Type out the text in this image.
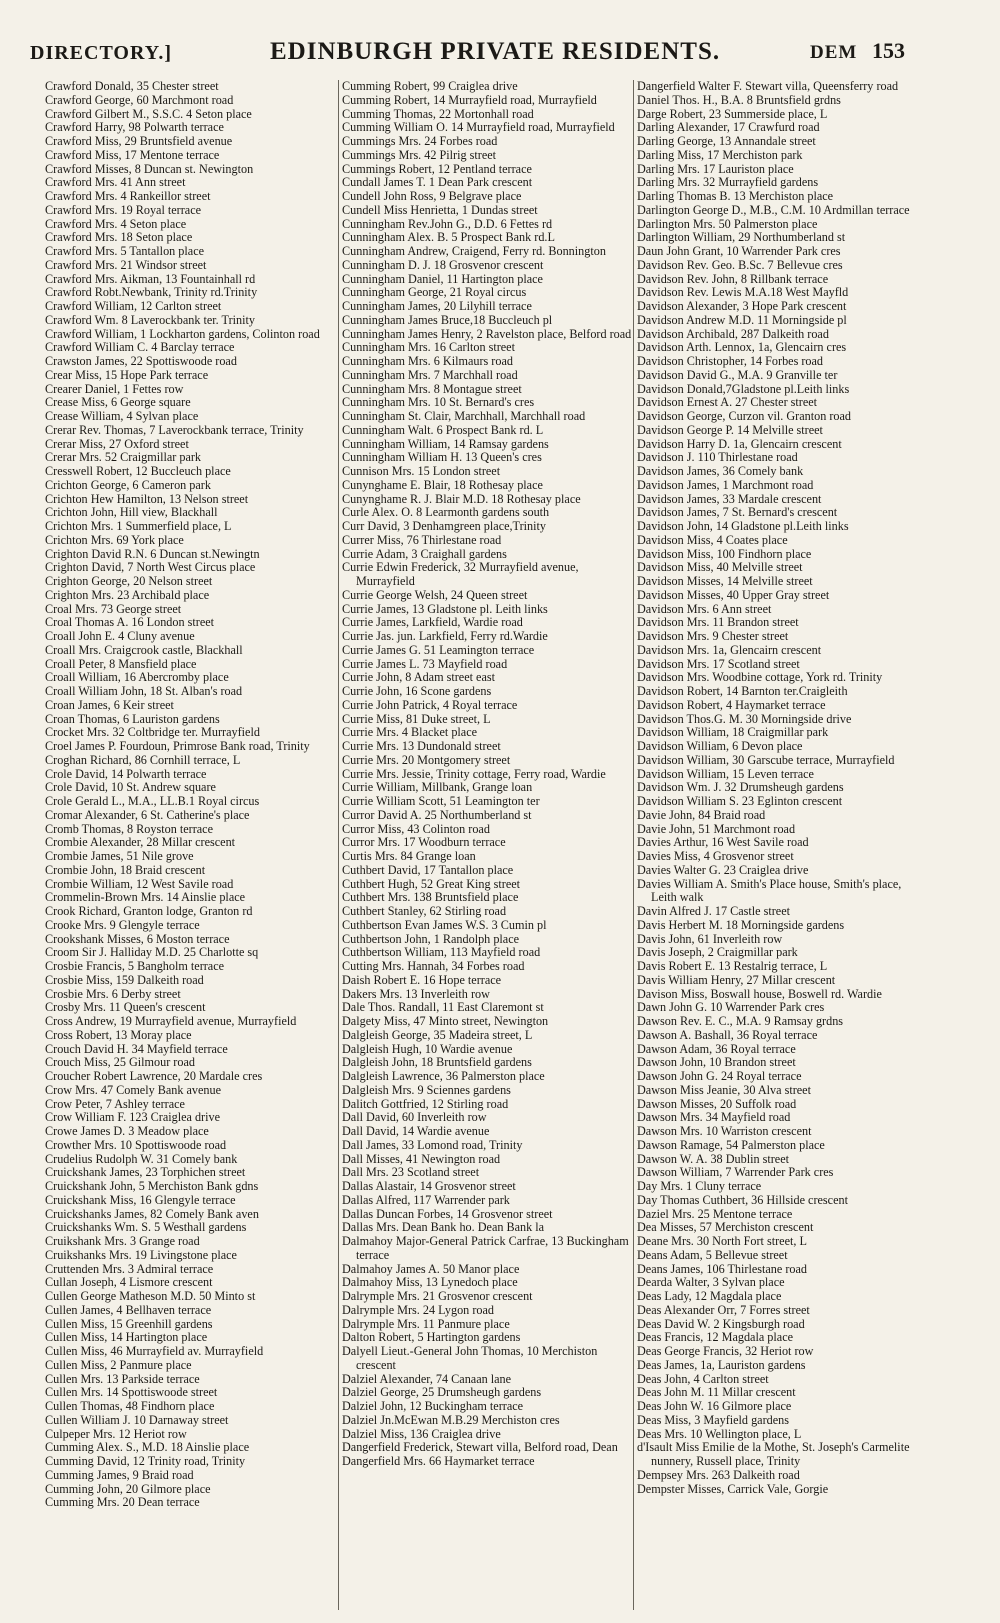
DIRECTORY.]	EDINBURGH PRIVATE RESIDENTS.	DEM 153

Crawford Donald, 35 Chester street

Crawford George, 60 Marchmont road

Crawford Gilbert M., S.S.C. 4 Seton place

Crawford Harry, 98 Polwarth terrace

Crawford Miss, 29 Bruntsfield avenue

Crawford Miss, 17 Mentone terrace

Crawford Misses, 8 Duncan st. Newington

Crawford Mrs. 41 Ann street

Crawford Mrs. 4 Rankeillor street

Crawford Mrs. 19 Royal terrace

Crawford Mrs. 4 Seton place

Crawford Mrs. 18 Seton place

Crawford Mrs. 5 Tantallon place

Crawford Mrs. 21 Windsor street

Crawford Mrs. Aikman, 13 Fountainhall rd

Crawford Robt.Newbank, Trinity rd.Trinity

Crawford William, 12 Carlton street

Crawford Wm. 8 Laverockbank ter. Trinity

Crawford William, 1 Lockharton gardens, Colinton road

Crawford William C. 4 Barclay terrace

Crawston James, 22 Spottiswoode road

Crear Miss, 15 Hope Park terrace

Crearer Daniel, 1 Fettes row

Crease Miss, 6 George square

Crease William, 4 Sylvan place

Crerar Rev. Thomas, 7 Laverockbank terrace, Trinity

Crerar Miss, 27 Oxford street

Crerar Mrs. 52 Craigmillar park

Cresswell Robert, 12 Buccleuch place

Crichton George, 6 Cameron park

Crichton Hew Hamilton, 13 Nelson street

Crichton John, Hill view, Blackhall

Crichton Mrs. 1 Summerfield place, L

Crichton Mrs. 69 York place

Crighton David R.N. 6 Duncan st.Newingtn

Crighton David, 7 North West Circus place

Crighton George, 20 Nelson street

Crighton Mrs. 23 Archibald place

Croal Mrs. 73 George street

Croal Thomas A. 16 London street

Croall John E. 4 Cluny avenue

Croall Mrs. Craigcrook castle, Blackhall

Croall Peter, 8 Mansfield place

Croall William, 16 Abercromby place

Croall William John, 18 St. Alban's road

Croan James, 6 Keir street

Croan Thomas, 6 Lauriston gardens

Crocket Mrs. 32 Coltbridge ter. Murrayfield

Croel James P. Fourdoun, Primrose Bank road, Trinity

Croghan Richard, 86 Cornhill terrace, L

Crole David, 14 Polwarth terrace

Crole David, 10 St. Andrew square

Crole Gerald L., M.A., LL.B.1 Royal circus

Cromar Alexander, 6 St. Catherine's place

Cromb Thomas, 8 Royston terrace

Crombie Alexander, 28 Millar crescent

Crombie James, 51 Nile grove

Crombie John, 18 Braid crescent

Crombie William, 12 West Savile road

Crommelin-Brown Mrs. 14 Ainslie place

Crook Richard, Granton lodge, Granton rd

Crooke Mrs. 9 Glengyle terrace

Crookshank Misses, 6 Moston terrace

Croom Sir J. Halliday M.D. 25 Charlotte sq

Crosbie Francis, 5 Bangholm terrace

Crosbie Miss, 159 Dalkeith road

Crosbie Mrs. 6 Derby street

Crosby Mrs. 11 Queen's crescent

Cross Andrew, 19 Murrayfield avenue, Murrayfield

Cross Robert, 13 Moray place

Crouch David H. 34 Mayfield terrace

Crouch Miss, 25 Gilmour road

Croucher Robert Lawrence, 20 Mardale cres

Crow Mrs. 47 Comely Bank avenue

Crow Peter, 7 Ashley terrace

Crow William F. 123 Craiglea drive

Crowe James D. 3 Meadow place

Crowther Mrs. 10 Spottiswoode road

Crudelius Rudolph W. 31 Comely bank

Cruickshank James, 23 Torphichen street

Cruickshank John, 5 Merchiston Bank gdns

Cruickshank Miss, 16 Glengyle terrace

Cruickshanks James, 82 Comely Bank aven

Cruickshanks Wm. S. 5 Westhall gardens

Cruikshank Mrs. 3 Grange road

Cruikshanks Mrs. 19 Livingstone place

Cruttenden Mrs. 3 Admiral terrace

Cullan Joseph, 4 Lismore crescent

Cullen George Matheson M.D. 50 Minto st

Cullen James, 4 Bellhaven terrace

Cullen Miss, 15 Greenhill gardens

Cullen Miss, 14 Hartington place

Cullen Miss, 46 Murrayfield av. Murrayfield

Cullen Miss, 2 Panmure place

Cullen Mrs. 13 Parkside terrace

Cullen Mrs. 14 Spottiswoode street

Cullen Thomas, 48 Findhorn place

Cullen William J. 10 Darnaway street

Culpeper Mrs. 12 Heriot row

Cumming Alex. S., M.D. 18 Ainslie place

Cumming David, 12 Trinity road, Trinity

Cumming James, 9 Braid road

Cumming John, 20 Gilmore place

Cumming Mrs. 20 Dean terrace

Cumming Robert, 99 Craiglea drive

Cumming Robert, 14 Murrayfield road, Murrayfield

Cumming Thomas, 22 Mortonhall road

Cumming William O. 14 Murrayfield road, Murrayfield

Cummings Mrs. 24 Forbes road

Cummings Mrs. 42 Pilrig street

Cummings Robert, 12 Pentland terrace

Cundall James T. 1 Dean Park crescent

Cundell John Ross, 9 Belgrave place

Cundell Miss Henrietta, 1 Dundas street

Cunningham Rev.John G., D.D. 6 Fettes rd

Cunningham Alex. B. 5 Prospect Bank rd.L

Cunningham Andrew, Craigend, Ferry rd. Bonnington

Cunningham D. J. 18 Grosvenor crescent

Cunningham Daniel, 11 Hartington place

Cunningham George, 21 Royal circus

Cunningham James, 20 Lilyhill terrace

Cunningham James Bruce,18 Buccleuch pl

Cunningham James Henry, 2 Ravelston place, Belford road

Cunningham Mrs. 16 Carlton street

Cunningham Mrs. 6 Kilmaurs road

Cunningham Mrs. 7 Marchhall road

Cunningham Mrs. 8 Montague street

Cunningham Mrs. 10 St. Bernard's cres

Cunningham St. Clair, Marchhall, Marchhall road

Cunningham Walt. 6 Prospect Bank rd. L

Cunningham William, 14 Ramsay gardens

Cunningham William H. 13 Queen's cres

Cunnison Mrs. 15 London street

Cunynghame E. Blair, 18 Rothesay place

Cunynghame R. J. Blair M.D. 18 Rothesay place

Curle Alex. O. 8 Learmonth gardens south

Curr David, 3 Denhamgreen place,Trinity

Currer Miss, 76 Thirlestane road

Currie Adam, 3 Craighall gardens

Currie Edwin Frederick, 32 Murrayfield avenue, Murrayfield

Currie George Welsh, 24 Queen street

Currie James, 13 Gladstone pl. Leith links

Currie James, Larkfield, Wardie road

Currie Jas. jun. Larkfield, Ferry rd.Wardie

Currie James G. 51 Leamington terrace

Currie James L. 73 Mayfield road

Currie John, 8 Adam street east

Currie John, 16 Scone gardens

Currie John Patrick, 4 Royal terrace

Currie Miss, 81 Duke street, L

Currie Mrs. 4 Blacket place

Currie Mrs. 13 Dundonald street

Currie Mrs. 20 Montgomery street

Currie Mrs. Jessie, Trinity cottage, Ferry road, Wardie

Currie William, Millbank, Grange loan

Currie William Scott, 51 Leamington ter

Curror David A. 25 Northumberland st

Curror Miss, 43 Colinton road

Curror Mrs. 17 Woodburn terrace

Curtis Mrs. 84 Grange loan

Cuthbert David, 17 Tantallon place

Cuthbert Hugh, 52 Great King street

Cuthbert Mrs. 138 Bruntsfield place

Cuthbert Stanley, 62 Stirling road

Cuthbertson Evan James W.S. 3 Cumin pl

Cuthbertson John, 1 Randolph place

Cuthbertson William, 113 Mayfield road

Cutting Mrs. Hannah, 34 Forbes road

Daish Robert E. 16 Hope terrace

Dakers Mrs. 13 Inverleith row

Dale Thos. Randall, 11 East Claremont st

Dalgety Miss, 47 Minto street, Newington

Dalgleish George, 35 Madeira street, L

Dalgleish Hugh, 10 Wardie avenue

Dalgleish John, 18 Bruntsfield gardens

Dalgleish Lawrence, 36 Palmerston place

Dalgleish Mrs. 9 Sciennes gardens

Dalitch Gottfried, 12 Stirling road

Dall David, 60 Inverleith row

Dall David, 14 Wardie avenue

Dall James, 33 Lomond road, Trinity

Dall Misses, 41 Newington road

Dall Mrs. 23 Scotland street

Dallas Alastair, 14 Grosvenor street

Dallas Alfred, 117 Warrender park

Dallas Duncan Forbes, 14 Grosvenor street

Dallas Mrs. Dean Bank ho. Dean Bank la

Dalmahoy Major-General Patrick Carfrae, 13 Buckingham terrace

Dalmahoy James A. 50 Manor place

Dalmahoy Miss, 13 Lynedoch place

Dalrymple Mrs. 21 Grosvenor crescent

Dalrymple Mrs. 24 Lygon road

Dalrymple Mrs. 11 Panmure place

Dalton Robert, 5 Hartington gardens

Dalyell Lieut.-General John Thomas, 10 Merchiston crescent

Dalziel Alexander, 74 Canaan lane

Dalziel George, 25 Drumsheugh gardens

Dalziel John, 12 Buckingham terrace

Dalziel Jn.McEwan M.B.29 Merchiston cres

Dalziel Miss, 136 Craiglea drive

Dangerfield Frederick, Stewart villa, Belford road, Dean

Dangerfield Mrs. 66 Haymarket terrace

Dangerfield Walter F. Stewart villa, Queensferry road

Daniel Thos. H., B.A. 8 Bruntsfield grdns

Darge Robert, 23 Summerside place, L

Darling Alexander, 17 Crawfurd road

Darling George, 13 Annandale street

Darling Miss, 17 Merchiston park

Darling Mrs. 17 Lauriston place

Darling Mrs. 32 Murrayfield gardens

Darling Thomas B. 13 Merchiston place

Darlington George D., M.B., C.M. 10 Ardmillan terrace

Darlington Mrs. 50 Palmerston place

Darlington William, 29 Northumberland st

Daun John Grant, 10 Warrender Park cres

Davidson Rev. Geo. B.Sc. 7 Bellevue cres

Davidson Rev. John, 8 Rillbank terrace

Davidson Rev. Lewis M.A.18 West Mayfld

Davidson Alexander, 3 Hope Park crescent

Davidson Andrew M.D. 11 Morningside pl

Davidson Archibald, 287 Dalkeith road

Davidson Arth. Lennox, 1a, Glencairn cres

Davidson Christopher, 14 Forbes road

Davidson David G., M.A. 9 Granville ter

Davidson Donald,7Gladstone pl.Leith links

Davidson Ernest A. 27 Chester street

Davidson George, Curzon vil. Granton road

Davidson George P. 14 Melville street

Davidson Harry D. 1a, Glencairn crescent

Davidson J. 110 Thirlestane road

Davidson James, 36 Comely bank

Davidson James, 1 Marchmont road

Davidson James, 33 Mardale crescent

Davidson James, 7 St. Bernard's crescent

Davidson John, 14 Gladstone pl.Leith links

Davidson Miss, 4 Coates place

Davidson Miss, 100 Findhorn place

Davidson Miss, 40 Melville street

Davidson Misses, 14 Melville street

Davidson Misses, 40 Upper Gray street

Davidson Mrs. 6 Ann street

Davidson Mrs. 11 Brandon street

Davidson Mrs. 9 Chester street

Davidson Mrs. 1a, Glencairn crescent

Davidson Mrs. 17 Scotland street

Davidson Mrs. Woodbine cottage, York rd. Trinity

Davidson Robert, 14 Barnton ter.Craigleith

Davidson Robert, 4 Haymarket terrace

Davidson Thos.G. M. 30 Morningside drive

Davidson William, 18 Craigmillar park

Davidson William, 6 Devon place

Davidson William, 30 Garscube terrace, Murrayfield

Davidson William, 15 Leven terrace

Davidson Wm. J. 32 Drumsheugh gardens

Davidson William S. 23 Eglinton crescent

Davie John, 84 Braid road

Davie John, 51 Marchmont road

Davies Arthur, 16 West Savile road

Davies Miss, 4 Grosvenor street

Davies Walter G. 23 Craiglea drive

Davies William A. Smith's Place house, Smith's place, Leith walk

Davin Alfred J. 17 Castle street

Davis Herbert M. 18 Morningside gardens

Davis John, 61 Inverleith row

Davis Joseph, 2 Craigmillar park

Davis Robert E. 13 Restalrig terrace, L

Davis William Henry, 27 Millar crescent

Davison Miss, Boswall house, Boswell rd. Wardie

Dawn John G. 10 Warrender Park cres

Dawson Rev. E. C., M.A. 9 Ramsay grdns

Dawson A. Bashall, 36 Royal terrace

Dawson Adam, 36 Royal terrace

Dawson John, 10 Brandon street

Dawson John G. 24 Royal terrace

Dawson Miss Jeanie, 30 Alva street

Dawson Misses, 20 Suffolk road

Dawson Mrs. 34 Mayfield road

Dawson Mrs. 10 Warriston crescent

Dawson Ramage, 54 Palmerston place

Dawson W. A. 38 Dublin street

Dawson William, 7 Warrender Park cres

Day Mrs. 1 Cluny terrace

Day Thomas Cuthbert, 36 Hillside crescent

Daziel Mrs. 25 Mentone terrace

Dea Misses, 57 Merchiston crescent

Deane Mrs. 30 North Fort street, L

Deans Adam, 5 Bellevue street

Deans James, 106 Thirlestane road

Dearda Walter, 3 Sylvan place

Deas Lady, 12 Magdala place

Deas Alexander Orr, 7 Forres street

Deas David W. 2 Kingsburgh road

Deas Francis, 12 Magdala place

Deas George Francis, 32 Heriot row

Deas James, 1a, Lauriston gardens

Deas John, 4 Carlton street

Deas John M. 11 Millar crescent

Deas John W. 16 Gilmore place

Deas Miss, 3 Mayfield gardens

Deas Mrs. 10 Wellington place, L

d'Isault Miss Emilie de la Mothe, St. Joseph's Carmelite nunnery, Russell place, Trinity

Dempsey Mrs. 263 Dalkeith road

Dempster Misses, Carrick Vale, Gorgie
